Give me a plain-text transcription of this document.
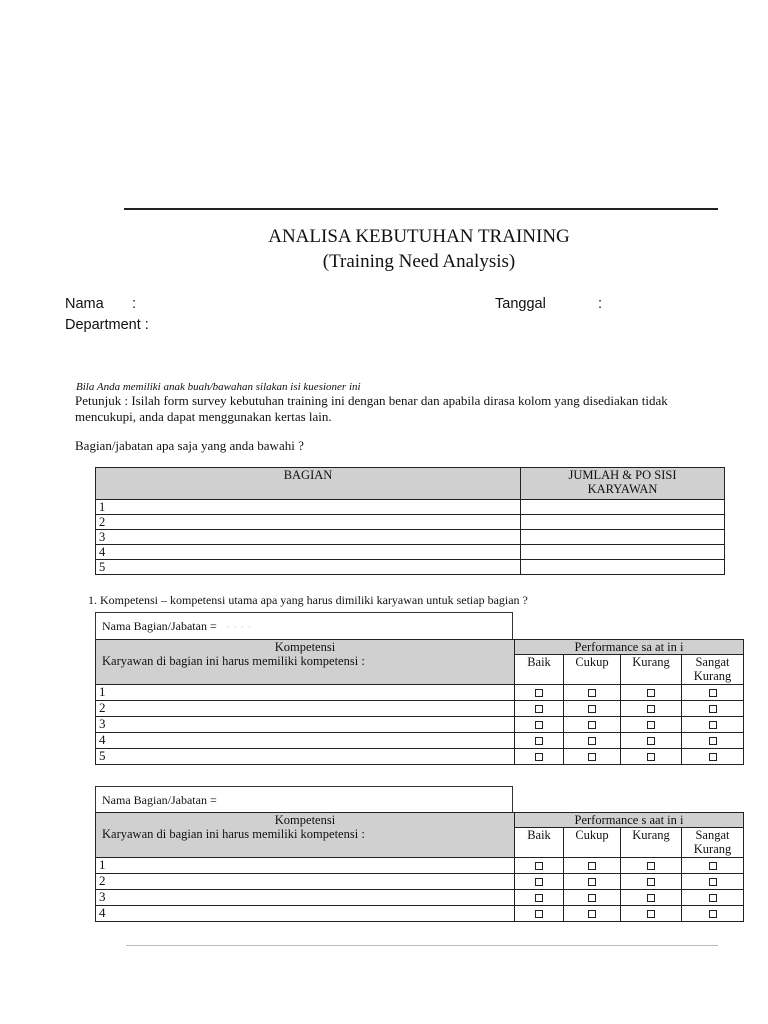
ANALISA KEBUTUHAN TRAINING
(Training Need Analysis)
Nama :	Tanggal	:
Department :
Bila Anda memiliki anak buah/bawahan silakan isi kuesioner ini
Petunjuk : Isilah form survey kebutuhan training ini dengan benar dan apabila dirasa kolom yang disediakan tidak
mencukupi, anda dapat menggunakan kertas lain.
Bagian/jabatan apa saja yang anda bawahi ?
BAGIAN	JUMLAH & PO SISI
KARYAWAN
1	
2	
3	
4	
5	
1. Kompetensi – kompetensi utama apa yang harus dimiliki karyawan untuk setiap bagian ?
Nama Bagian/Jabatan =   · · · ·
Kompetensi
Karyawan di bagian ini harus memiliki kompetensi :	Performance sa at in i			
	Baik	Cukup	Kurang	Sangat
Kurang
1				
2				
3				
4				
5				
Nama Bagian/Jabatan =
Kompetensi
Karyawan di bagian ini harus memiliki kompetensi :	Performance s aat in i			
	Baik	Cukup	Kurang	Sangat
Kurang
1				
2				
3				
4				
